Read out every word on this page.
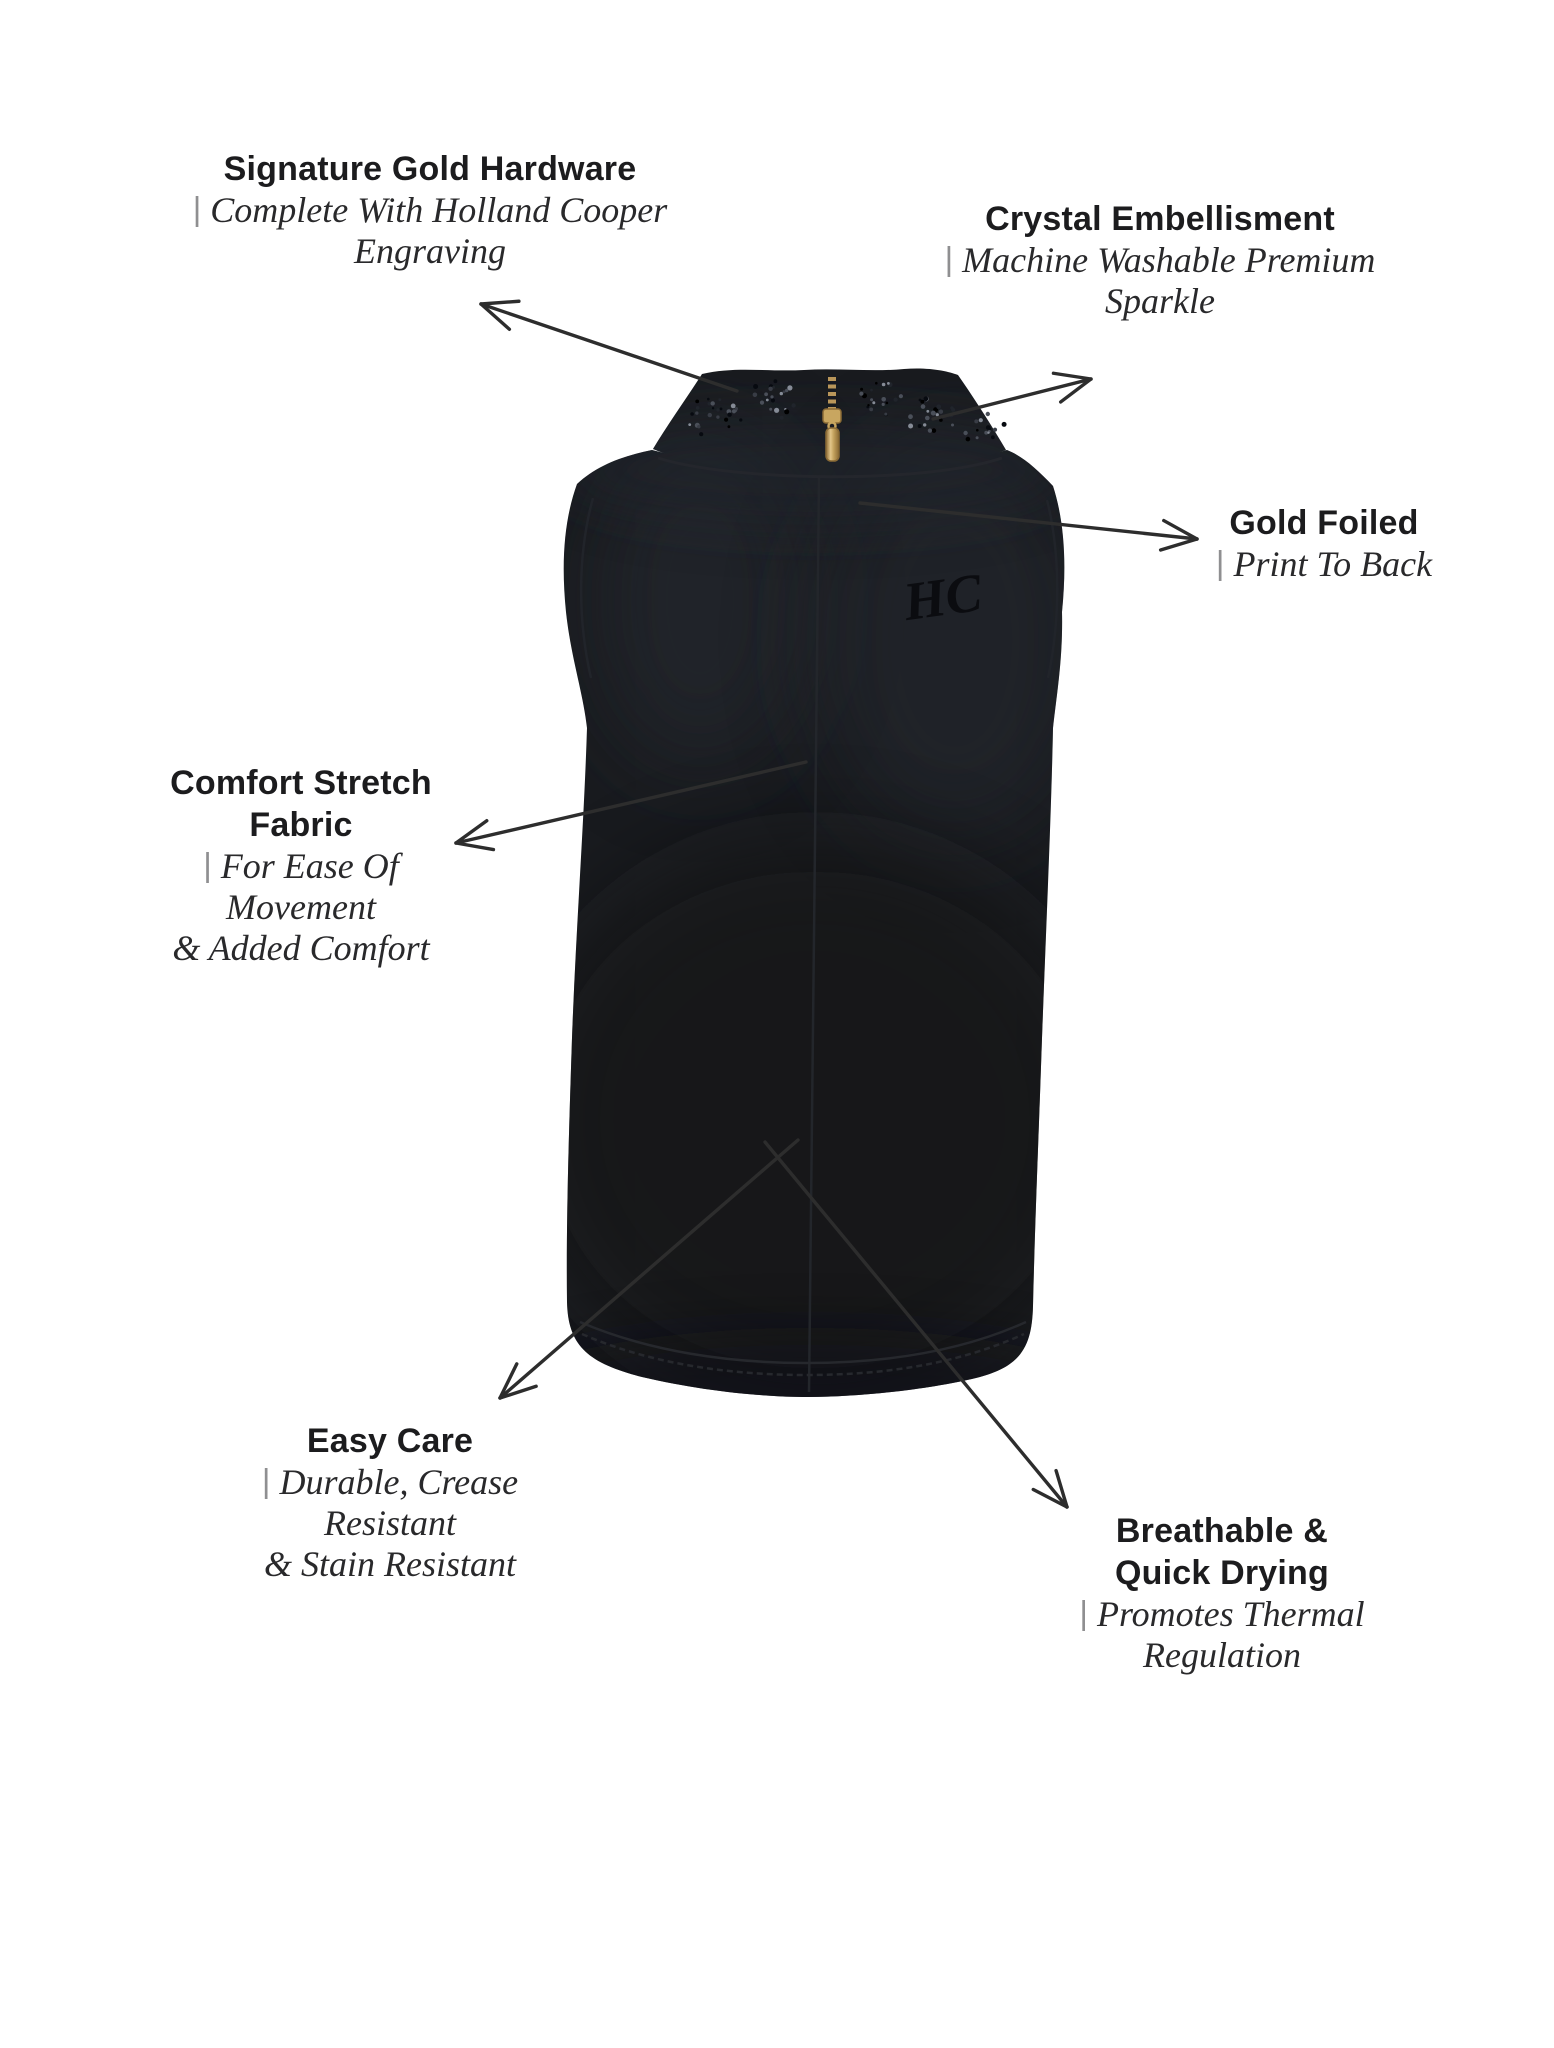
HC
Signature Gold Hardware
| Complete With Holland Cooper
Engraving
Crystal Embellisment
| Machine Washable Premium
Sparkle
Gold Foiled
| Print To Back
Comfort Stretch
Fabric
| For Ease Of
Movement
& Added Comfort
Easy Care
| Durable, Crease
Resistant
& Stain Resistant
Breathable &
Quick Drying
| Promotes Thermal
Regulation
